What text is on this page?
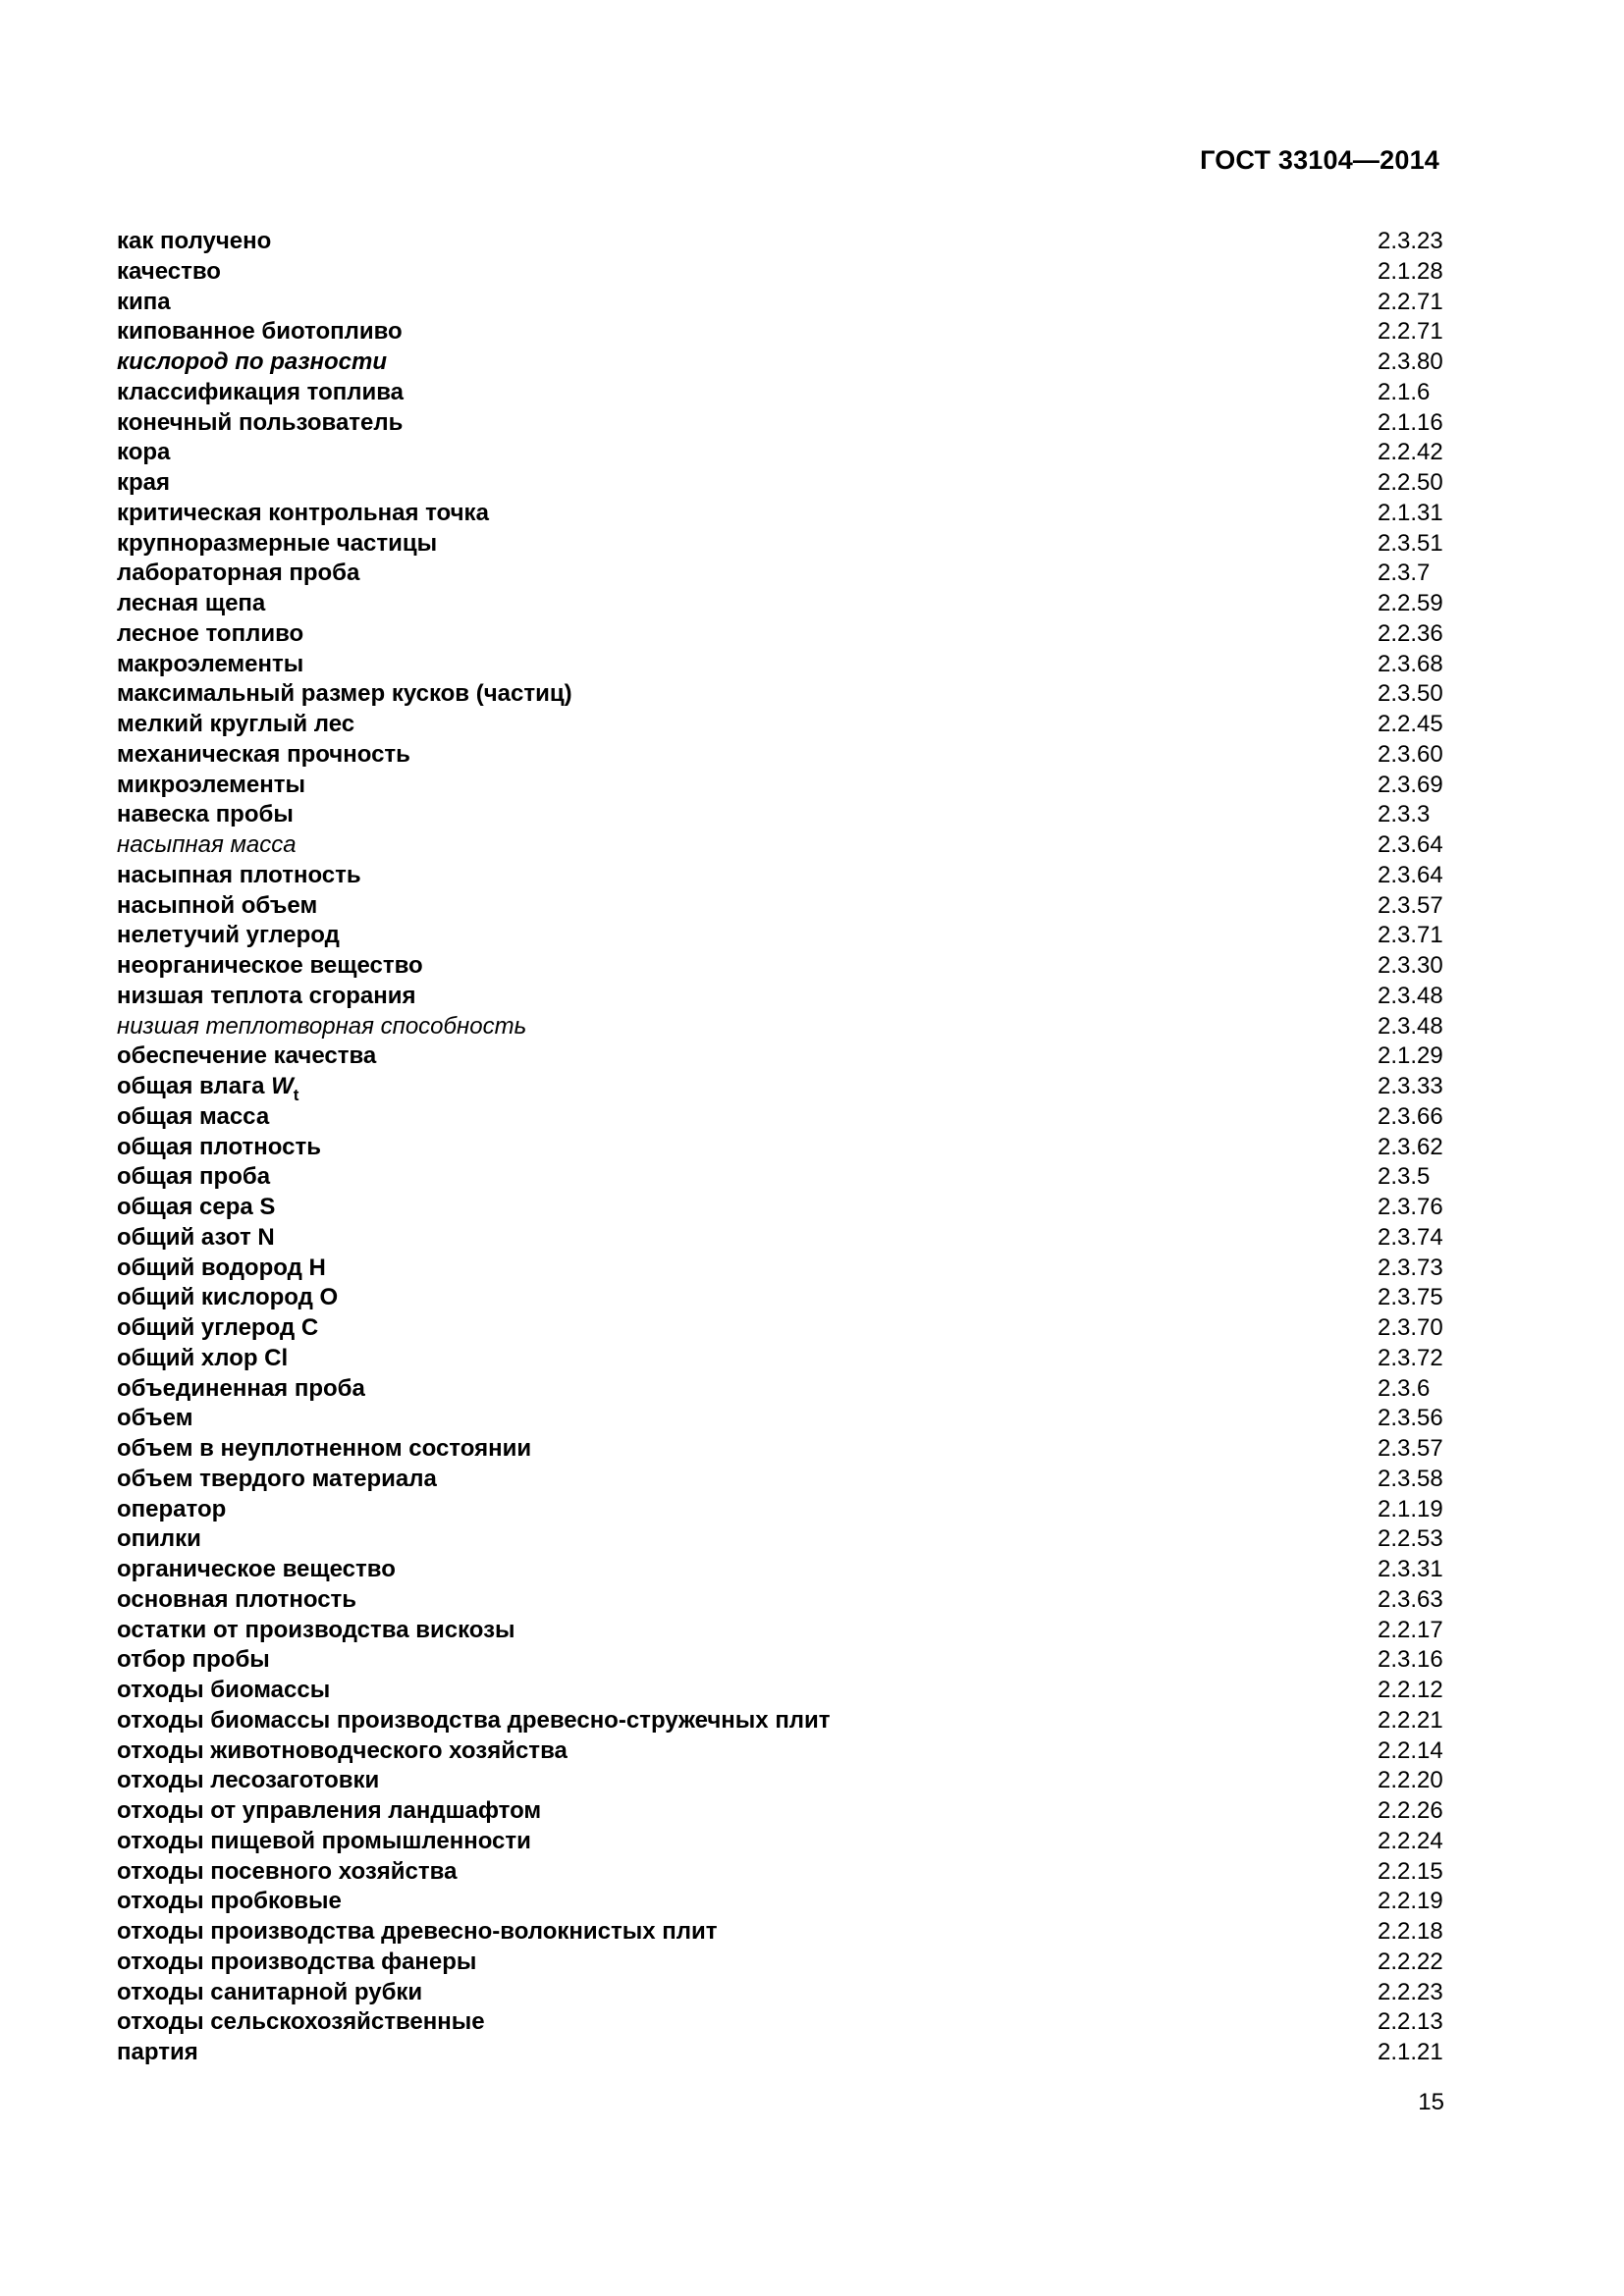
ГОСТ 33104—2014
как получено	2.3.23
качество	2.1.28
кипа	2.2.71
кипованное биотопливо	2.2.71
кислород по разности	2.3.80
классификация топлива	2.1.6
конечный пользователь	2.1.16
кора	2.2.42
края	2.2.50
критическая контрольная точка	2.1.31
крупноразмерные частицы	2.3.51
лабораторная проба	2.3.7
лесная щепа	2.2.59
лесное топливо	2.2.36
макроэлементы	2.3.68
максимальный размер кусков (частиц)	2.3.50
мелкий круглый лес	2.2.45
механическая прочность	2.3.60
микроэлементы	2.3.69
навеска пробы	2.3.3
насыпная масса	2.3.64
насыпная плотность	2.3.64
насыпной объем	2.3.57
нелетучий углерод	2.3.71
неорганическое вещество	2.3.30
низшая теплота сгорания	2.3.48
низшая теплотворная способность	2.3.48
обеспечение качества	2.1.29
общая влага $W_t$	2.3.33
общая масса	2.3.66
общая плотность	2.3.62
общая проба	2.3.5
общая сера S	2.3.76
общий азот N	2.3.74
общий водород H	2.3.73
общий кислород O	2.3.75
общий углерод C	2.3.70
общий хлор Cl	2.3.72
объединенная проба	2.3.6
объем	2.3.56
объем в неуплотненном состоянии	2.3.57
объем твердого материала	2.3.58
оператор	2.1.19
опилки	2.2.53
органическое вещество	2.3.31
основная плотность	2.3.63
остатки от производства вискозы	2.2.17
отбор пробы	2.3.16
отходы биомассы	2.2.12
отходы биомассы производства древесно-стружечных плит	2.2.21
отходы животноводческого хозяйства	2.2.14
отходы лесозаготовки	2.2.20
отходы от управления ландшафтом	2.2.26
отходы пищевой промышленности	2.2.24
отходы посевного хозяйства	2.2.15
отходы пробковые	2.2.19
отходы производства древесно-волокнистых плит	2.2.18
отходы производства фанеры	2.2.22
отходы санитарной рубки	2.2.23
отходы сельскохозяйственные	2.2.13
партия	2.1.21
15
